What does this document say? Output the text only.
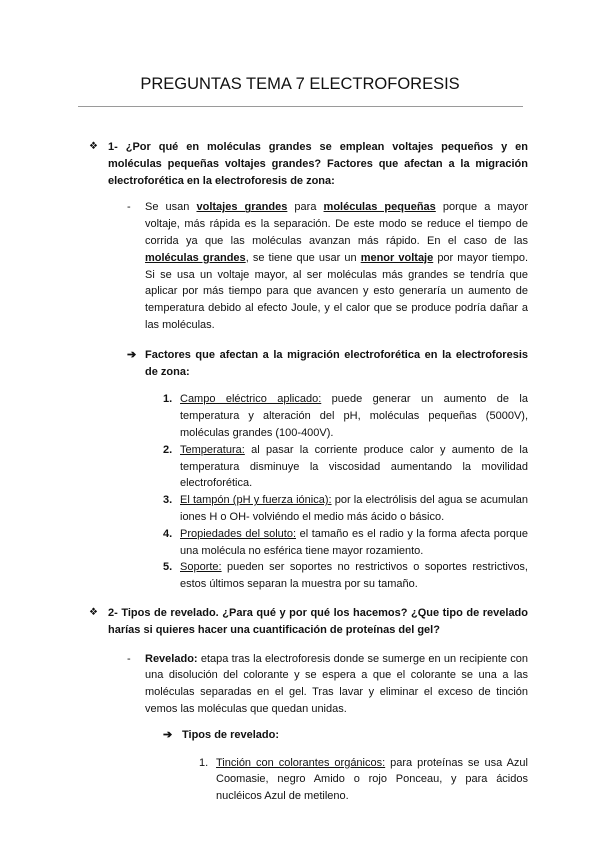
PREGUNTAS TEMA 7 ELECTROFORESIS
❖ 1- ¿Por qué en moléculas grandes se emplean voltajes pequeños y en moléculas pequeñas voltajes grandes? Factores que afectan a la migración electroforética en la electroforesis de zona:
- Se usan voltajes grandes para moléculas pequeñas porque a mayor voltaje, más rápida es la separación. De este modo se reduce el tiempo de corrida ya que las moléculas avanzan más rápido. En el caso de las moléculas grandes, se tiene que usar un menor voltaje por mayor tiempo. Si se usa un voltaje mayor, al ser moléculas más grandes se tendría que aplicar por más tiempo para que avancen y esto generaría un aumento de temperatura debido al efecto Joule, y el calor que se produce podría dañar a las moléculas.
➔ Factores que afectan a la migración electroforética en la electroforesis de zona:
1. Campo eléctrico aplicado: puede generar un aumento de la temperatura y alteración del pH, moléculas pequeñas (5000V), moléculas grandes (100-400V).
2. Temperatura: al pasar la corriente produce calor y aumento de la temperatura disminuye la viscosidad aumentando la movilidad electroforética.
3. El tampón (pH y fuerza iónica): por la electrólisis del agua se acumulan iones H o OH- volviéndo el medio más ácido o básico.
4. Propiedades del soluto: el tamaño es el radio y la forma afecta porque una molécula no esférica tiene mayor rozamiento.
5. Soporte: pueden ser soportes no restrictivos o soportes restrictivos, estos últimos separan la muestra por su tamaño.
❖ 2- Tipos de revelado. ¿Para qué y por qué los hacemos? ¿Que tipo de revelado harías si quieres hacer una cuantificación de proteínas del gel?
- Revelado: etapa tras la electroforesis donde se sumerge en un recipiente con una disolución del colorante y se espera a que el colorante se una a las moléculas separadas en el gel. Tras lavar y eliminar el exceso de tinción vemos las moléculas que quedan unidas.
➔ Tipos de revelado:
1. Tinción con colorantes orgánicos: para proteínas se usa Azul Coomasie, negro Amido o rojo Ponceau, y para ácidos nucléicos Azul de metileno.
